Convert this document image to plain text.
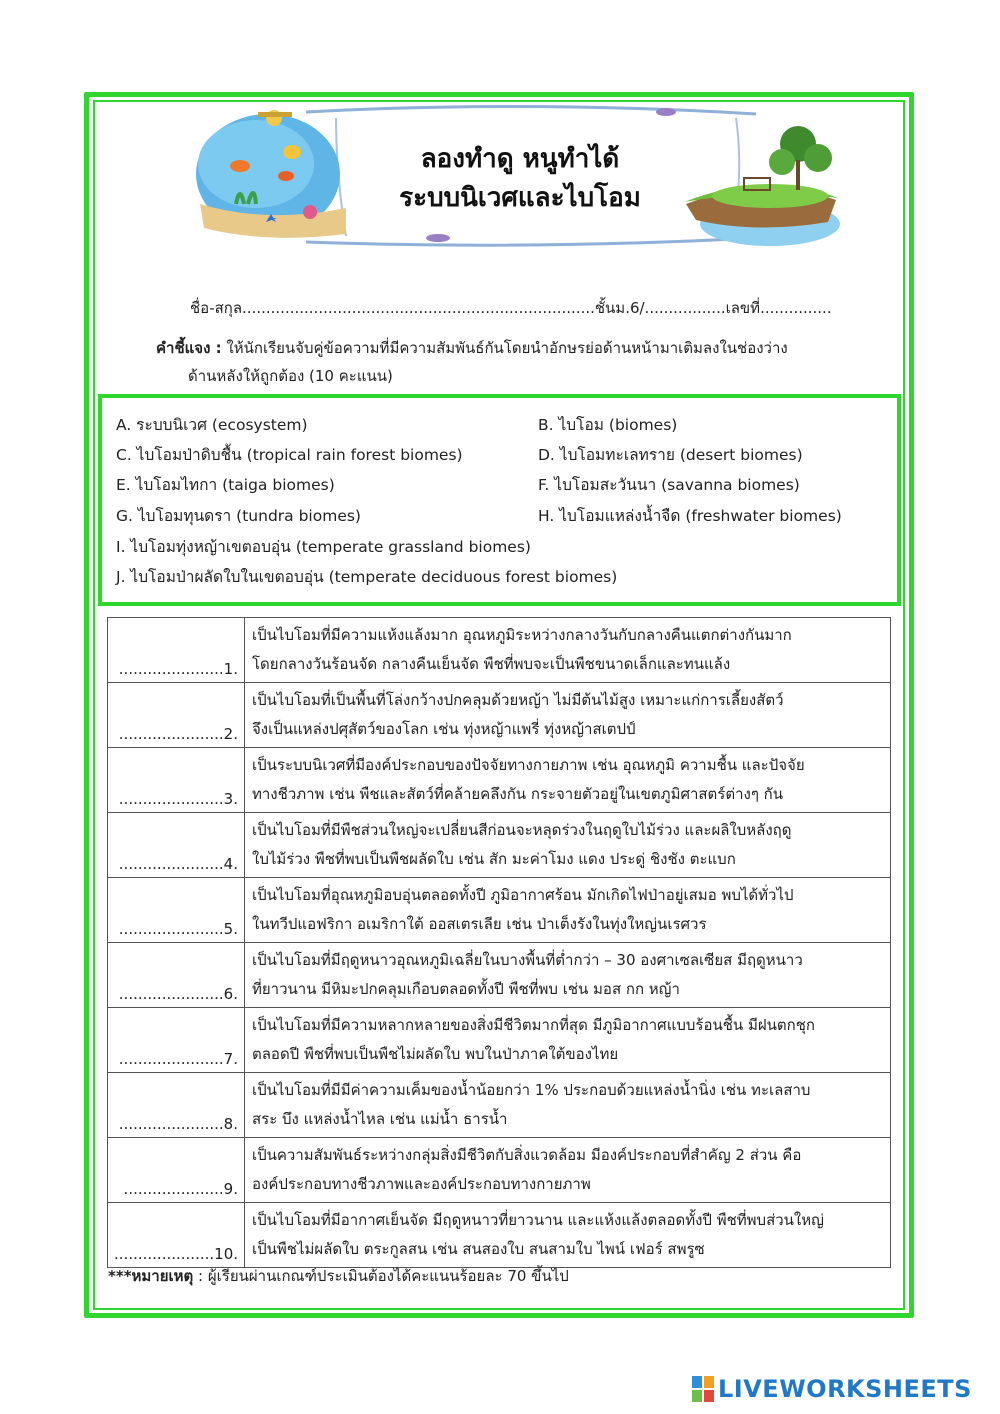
ลองทำดู หนูทำได้
ระบบนิเวศและไบโอม
ชื่อ-สกุล..........................................................................ชั้นม.6/.................เลขที่...............
คำชี้แจง : ให้นักเรียนจับคู่ข้อความที่มีความสัมพันธ์กันโดยนำอักษรย่อด้านหน้ามาเติมลงในช่องว่าง
ด้านหลังให้ถูกต้อง (10 คะแนน)
A. ระบบนิเวศ (ecosystem)	B. ไบโอม (biomes)
C. ไบโอมป่าดิบชื้น (tropical rain forest biomes)	D. ไบโอมทะเลทราย (desert biomes)
E. ไบโอมไทกา (taiga biomes)	F. ไบโอมสะวันนา (savanna biomes)
G. ไบโอมทุนดรา (tundra biomes)	H. ไบโอมแหล่งน้ำจืด (freshwater biomes)
I. ไบโอมทุ่งหญ้าเขตอบอุ่น (temperate grassland biomes)
J. ไบโอมป่าผลัดใบในเขตอบอุ่น (temperate deciduous forest biomes)
......................1.	เป็นไบโอมที่มีความแห้งแล้งมาก อุณหภูมิระหว่างกลางวันกับกลางคืนแตกต่างกันมาก
โดยกลางวันร้อนจัด กลางคืนเย็นจัด พืชที่พบจะเป็นพืชขนาดเล็กและทนแล้ง
......................2.	เป็นไบโอมที่เป็นพื้นที่โล่งกว้างปกคลุมด้วยหญ้า ไม่มีต้นไม้สูง เหมาะแก่การเลี้ยงสัตว์
จึงเป็นแหล่งปศุสัตว์ของโลก เช่น ทุ่งหญ้าแพรี่ ทุ่งหญ้าสเตปป์
......................3.	เป็นระบบนิเวศที่มีองค์ประกอบของปัจจัยทางกายภาพ เช่น อุณหภูมิ ความชื้น และปัจจัย
ทางชีวภาพ เช่น พืชและสัตว์ที่คล้ายคลึงกัน กระจายตัวอยู่ในเขตภูมิศาสตร์ต่างๆ กัน
......................4.	เป็นไบโอมที่มีพืชส่วนใหญ่จะเปลี่ยนสีก่อนจะหลุดร่วงในฤดูใบไม้ร่วง และผลิใบหลังฤดู
ใบไม้ร่วง พืชที่พบเป็นพืชผลัดใบ เช่น สัก มะค่าโมง แดง ประดู่ ชิงชัง ตะแบก
......................5.	เป็นไบโอมที่อุณหภูมิอบอุ่นตลอดทั้งปี ภูมิอากาศร้อน มักเกิดไฟป่าอยู่เสมอ พบได้ทั่วไป
ในทวีปแอฟริกา อเมริกาใต้ ออสเตรเลีย เช่น ป่าเต็งรังในทุ่งใหญ่นเรศวร
......................6.	เป็นไบโอมที่มีฤดูหนาวอุณหภูมิเฉลี่ยในบางพื้นที่ต่ำกว่า – 30 องศาเซลเซียส มีฤดูหนาว
ที่ยาวนาน มีหิมะปกคลุมเกือบตลอดทั้งปี พืชที่พบ เช่น มอส กก หญ้า
......................7.	เป็นไบโอมที่มีความหลากหลายของสิ่งมีชีวิตมากที่สุด มีภูมิอากาศแบบร้อนชื้น มีฝนตกชุก
ตลอดปี พืชที่พบเป็นพืชไม่ผลัดใบ พบในป่าภาคใต้ของไทย
......................8.	เป็นไบโอมที่มีมีค่าความเค็มของน้ำน้อยกว่า 1% ประกอบด้วยแหล่งน้ำนิ่ง เช่น ทะเลสาบ
สระ บึง แหล่งน้ำไหล เช่น แม่น้ำ ธารน้ำ
.....................9.	เป็นความสัมพันธ์ระหว่างกลุ่มสิ่งมีชีวิตกับสิ่งแวดล้อม มีองค์ประกอบที่สำคัญ 2 ส่วน คือ
องค์ประกอบทางชีวภาพและองค์ประกอบทางกายภาพ
.....................10.	เป็นไบโอมที่มีอากาศเย็นจัด มีฤดูหนาวที่ยาวนาน และแห้งแล้งตลอดทั้งปี พืชที่พบส่วนใหญ่
เป็นพืชไม่ผลัดใบ ตระกูลสน เช่น สนสองใบ สนสามใบ ไพน์ เฟอร์ สพรูซ
***หมายเหตุ : ผู้เรียนผ่านเกณฑ์ประเมินต้องได้คะแนนร้อยละ 70 ขึ้นไป
LIVEWORKSHEETS
